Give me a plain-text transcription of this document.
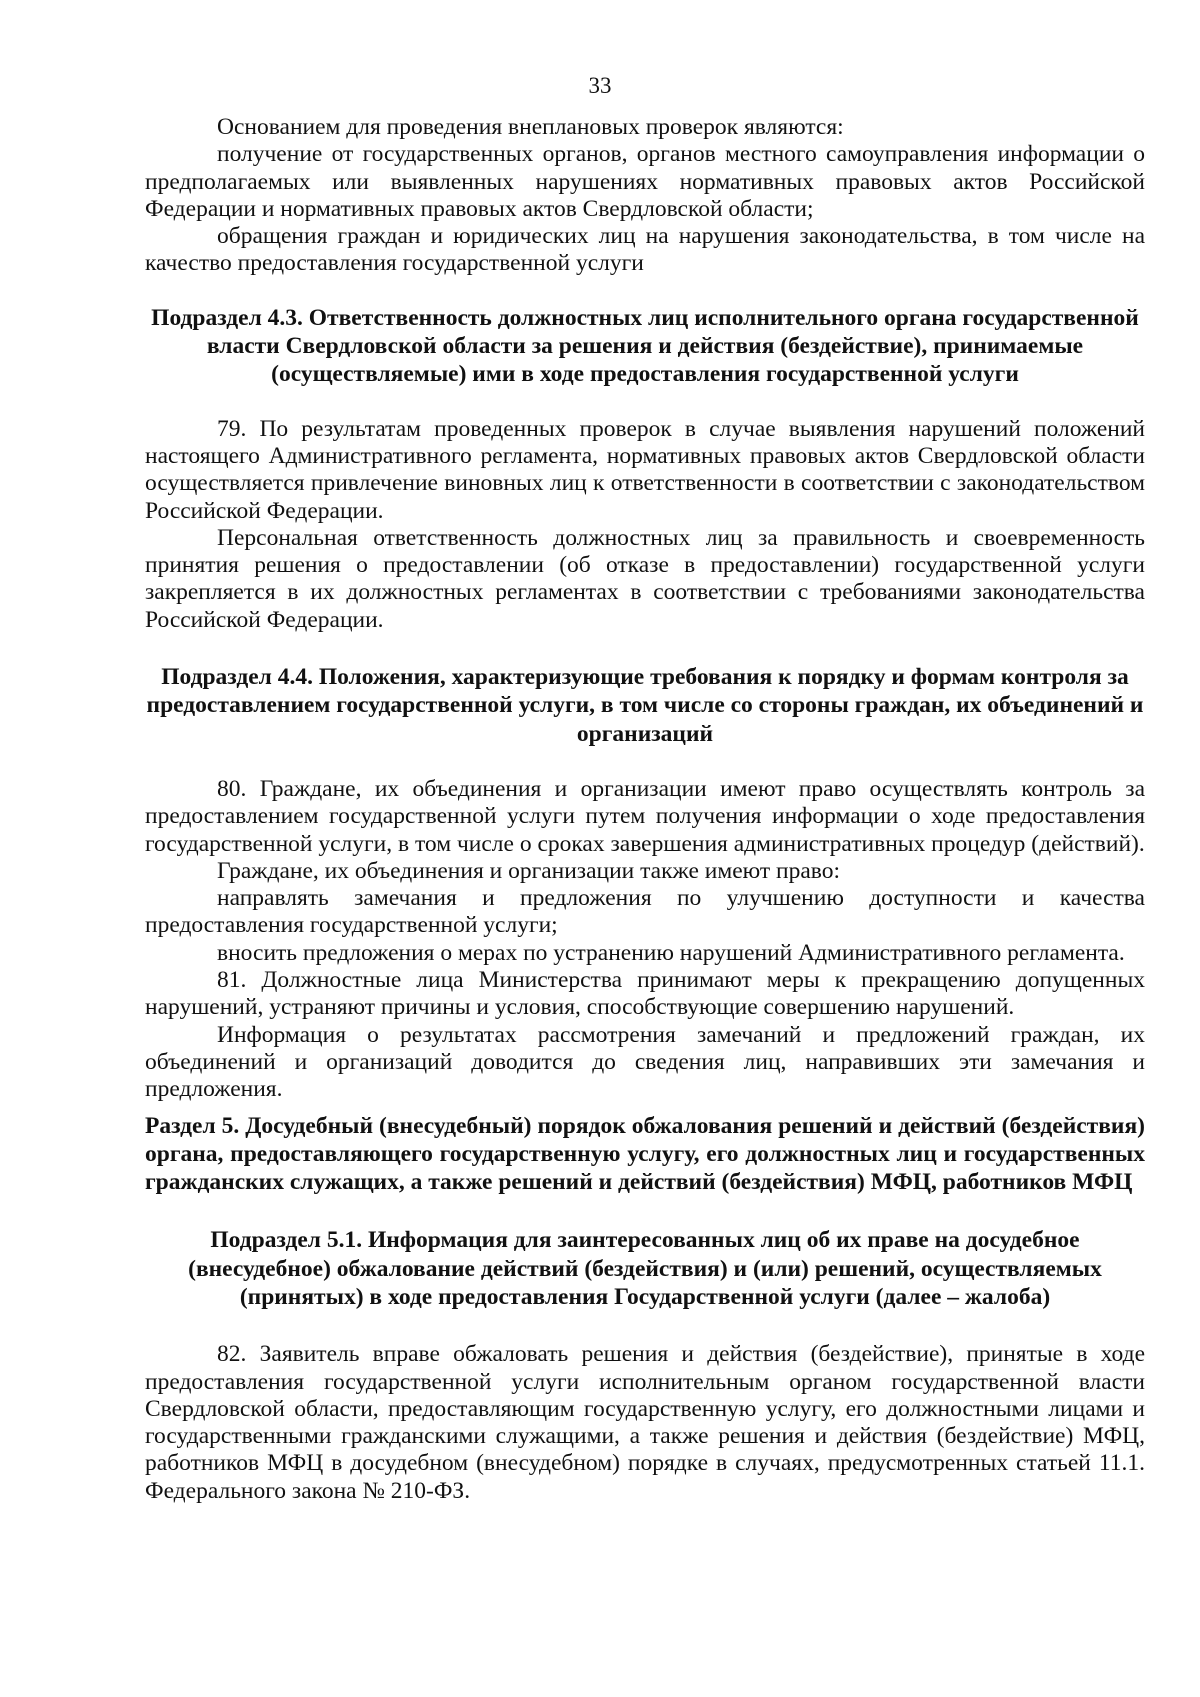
33

Основанием для проведения внеплановых проверок являются:

получение от государственных органов, органов местного самоуправления информации о предполагаемых или выявленных нарушениях нормативных правовых актов Российской Федерации и нормативных правовых актов Свердловской области;

обращения граждан и юридических лиц на нарушения законодательства, в том числе на качество предоставления государственной услуги

Подраздел 4.3. Ответственность должностных лиц исполнительного органа государственной власти Свердловской области за решения и действия (бездействие), принимаемые (осуществляемые) ими в ходе предоставления государственной услуги

79. По результатам проведенных проверок в случае выявления нарушений положений настоящего Административного регламента, нормативных правовых актов Свердловской области осуществляется привлечение виновных лиц к ответственности в соответствии с законодательством Российской Федерации.

Персональная ответственность должностных лиц за правильность и своевременность принятия решения о предоставлении (об отказе в предоставлении) государственной услуги закрепляется в их должностных регламентах в соответствии с требованиями законодательства Российской Федерации.

Подраздел 4.4. Положения, характеризующие требования к порядку и формам контроля за предоставлением государственной услуги, в том числе со стороны граждан, их объединений и организаций

80. Граждане, их объединения и организации имеют право осуществлять контроль за предоставлением государственной услуги путем получения информации о ходе предоставления государственной услуги, в том числе о сроках завершения административных процедур (действий).

Граждане, их объединения и организации также имеют право:

направлять замечания и предложения по улучшению доступности и качества предоставления государственной услуги;

вносить предложения о мерах по устранению нарушений Административного регламента.

81. Должностные лица Министерства принимают меры к прекращению допущенных нарушений, устраняют причины и условия, способствующие совершению нарушений.

Информация о результатах рассмотрения замечаний и предложений граждан, их объединений и организаций доводится до сведения лиц, направивших эти замечания и предложения.

Раздел 5. Досудебный (внесудебный) порядок обжалования решений и действий (бездействия) органа, предоставляющего государственную услугу, его должностных лиц и государственных гражданских служащих, а также решений и действий (бездействия) МФЦ, работников МФЦ

Подраздел 5.1. Информация для заинтересованных лиц об их праве на досудебное (внесудебное) обжалование действий (бездействия) и (или) решений, осуществляемых (принятых) в ходе предоставления Государственной услуги (далее – жалоба)

82. Заявитель вправе обжаловать решения и действия (бездействие), принятые в ходе предоставления государственной услуги исполнительным органом государственной власти Свердловской области, предоставляющим государственную услугу, его должностными лицами и государственными гражданскими служащими, а также решения и действия (бездействие) МФЦ, работников МФЦ в досудебном (внесудебном) порядке в случаях, предусмотренных статьей 11.1. Федерального закона № 210-ФЗ.
